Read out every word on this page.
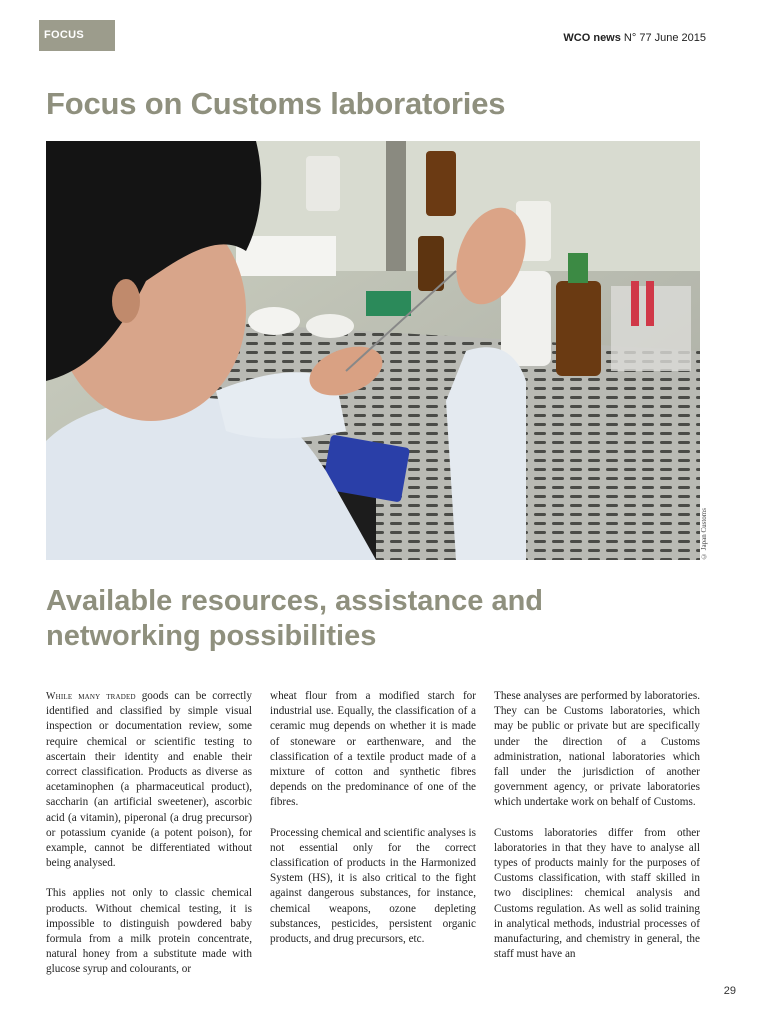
FOCUS	WCO news N° 77 June 2015
Focus on Customs laboratories
© Japan Customs
Available resources, assistance and
networking possibilities

While many traded goods can be correctly identified and classified by simple visual inspection or documentation review, some require chemical or scientific testing to ascertain their identity and enable their correct classification. Products as diverse as acetaminophen (a pharmaceutical product), saccharin (an artificial sweetener), ascorbic acid (a vitamin), piperonal (a drug precursor) or potassium cyanide (a potent poison), for example, cannot be differentiated without being analysed.

This applies not only to classic chemical products. Without chemical testing, it is impossible to distinguish powdered baby formula from a milk protein concentrate, natural honey from a substitute made with glucose syrup and colourants, or

wheat flour from a modified starch for industrial use. Equally, the classification of a ceramic mug depends on whether it is made of stoneware or earthenware, and the classification of a textile product made of a mixture of cotton and synthetic fibres depends on the predominance of one of the fibres.

Processing chemical and scientific analyses is not essential only for the correct classification of products in the Harmonized System (HS), it is also critical to the fight against dangerous substances, for instance, chemical weapons, ozone depleting substances, pesticides, persistent organic products, and drug precursors, etc.

These analyses are performed by laboratories. They can be Customs laboratories, which may be public or private but are specifically under the direction of a Customs administration, national laboratories which fall under the jurisdiction of another government agency, or private laboratories which undertake work on behalf of Customs.

Customs laboratories differ from other laboratories in that they have to analyse all types of products mainly for the purposes of Customs classification, with staff skilled in two disciplines: chemical analysis and Customs regulation. As well as solid training in analytical methods, industrial processes of manufacturing, and chemistry in general, the staff must have an

29
